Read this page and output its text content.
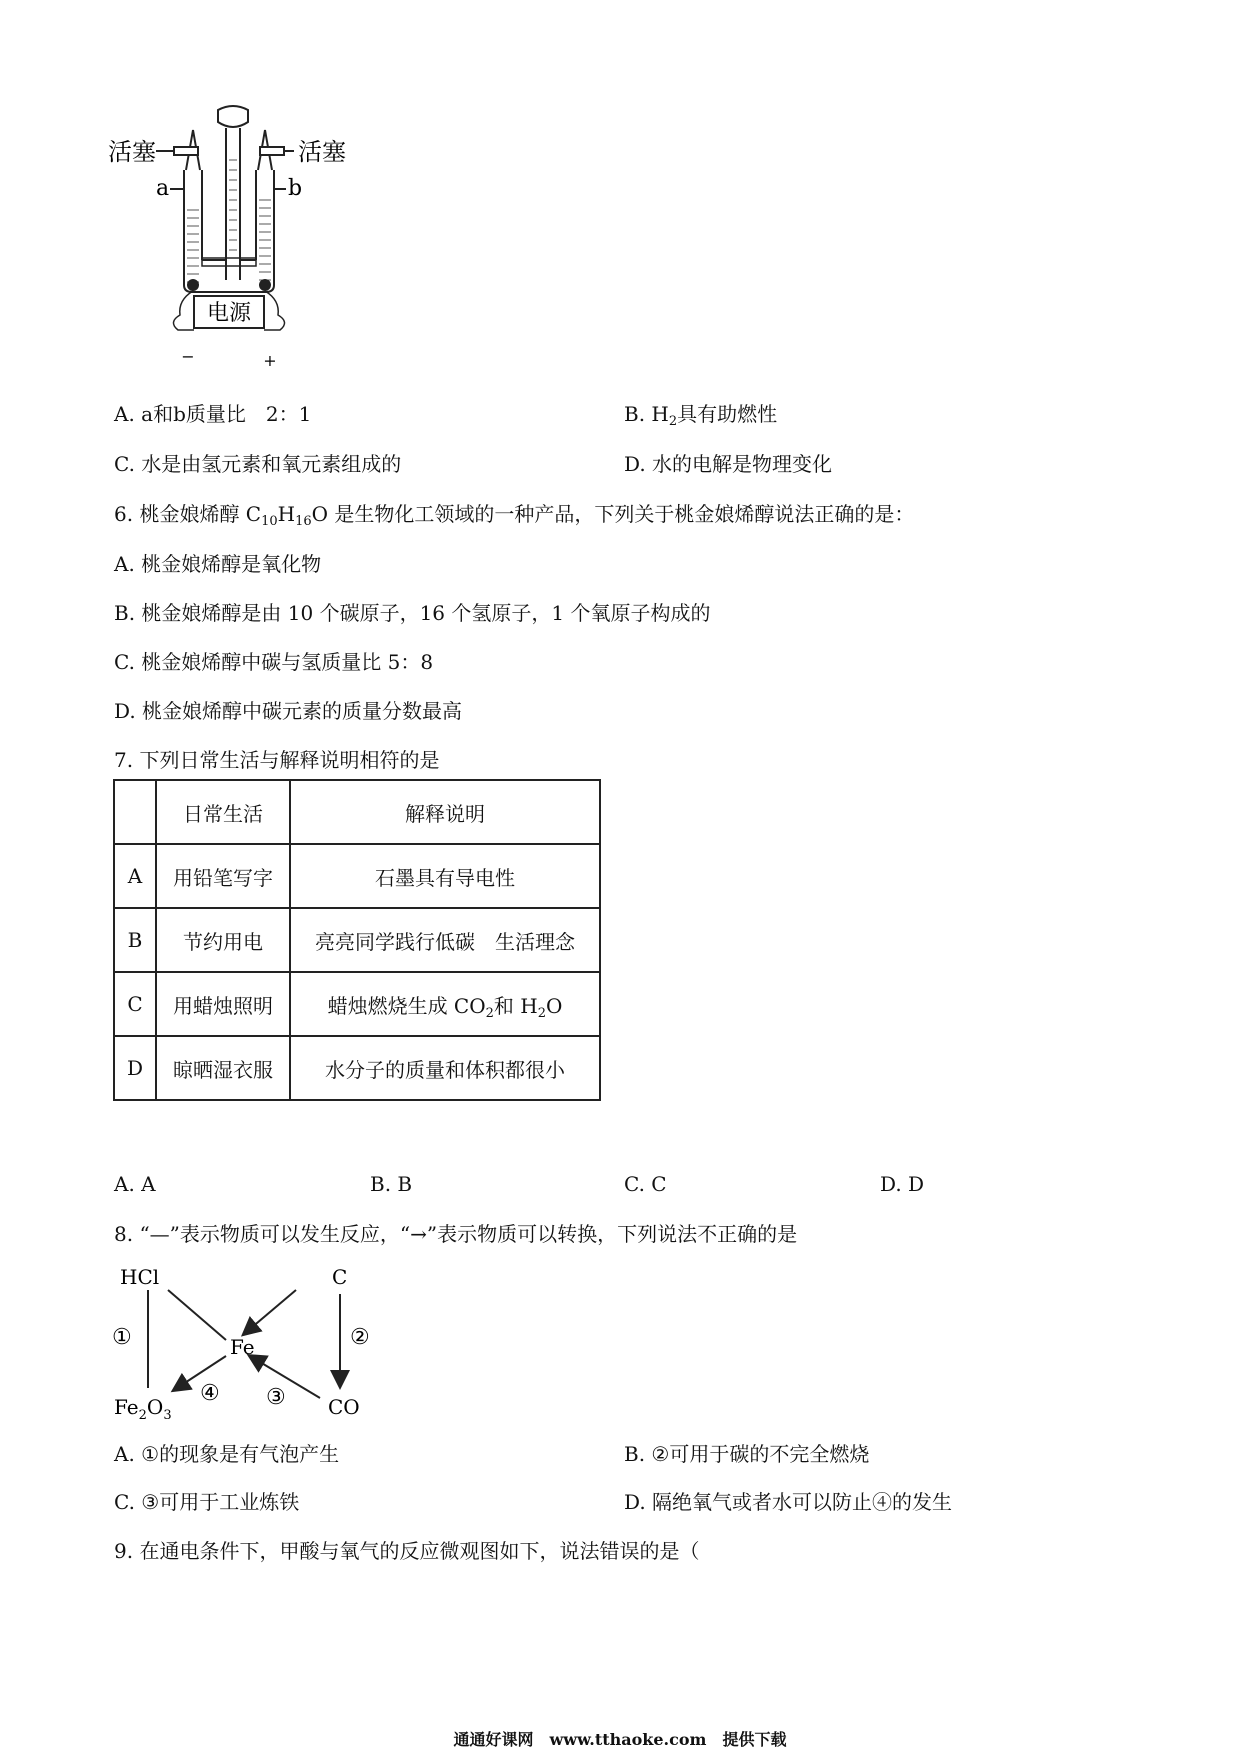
电源
−	+
活塞	活塞
a	b
A. a和b质量比　2：1	B. $H_2$具有助燃性
C. 水是由氢元素和氧元素组成的	D. 水的电解是物理变化
6. 桃金娘烯醇 $C_{10}H_{16}O$ 是生物化工领域的一种产品，下列关于桃金娘烯醇说法正确的是：
A. 桃金娘烯醇是氧化物
B. 桃金娘烯醇是由 10 个碳原子，16 个氢原子，1 个氧原子构成的
C. 桃金娘烯醇中碳与氢质量比 5：8
D. 桃金娘烯醇中碳元素的质量分数最高
7. 下列日常生活与解释说明相符的是
	日常生活	解释说明
A	用铅笔写字	石墨具有导电性
B	节约用电	亮亮同学践行低碳　生活理念
C	用蜡烛照明	蜡烛燃烧生成 $CO_2$和 $H_2O$
D	晾晒湿衣服	水分子的质量和体积都很小
A. A	B. B	C. C	D. D
8. “—”表示物质可以发生反应，“→”表示物质可以转换，下列说法不正确的是
HCl	C
Fe
$Fe_2O_3$	CO
①	②
③
④
A. ①的现象是有气泡产生	B. ②可用于碳的不完全燃烧
C. ③可用于工业炼铁	D. 隔绝氧气或者水可以防止④的发生
9. 在通电条件下，甲酸与氧气的反应微观图如下，说法错误的是（
通通好课网　www.tthaoke.com　提供下载
